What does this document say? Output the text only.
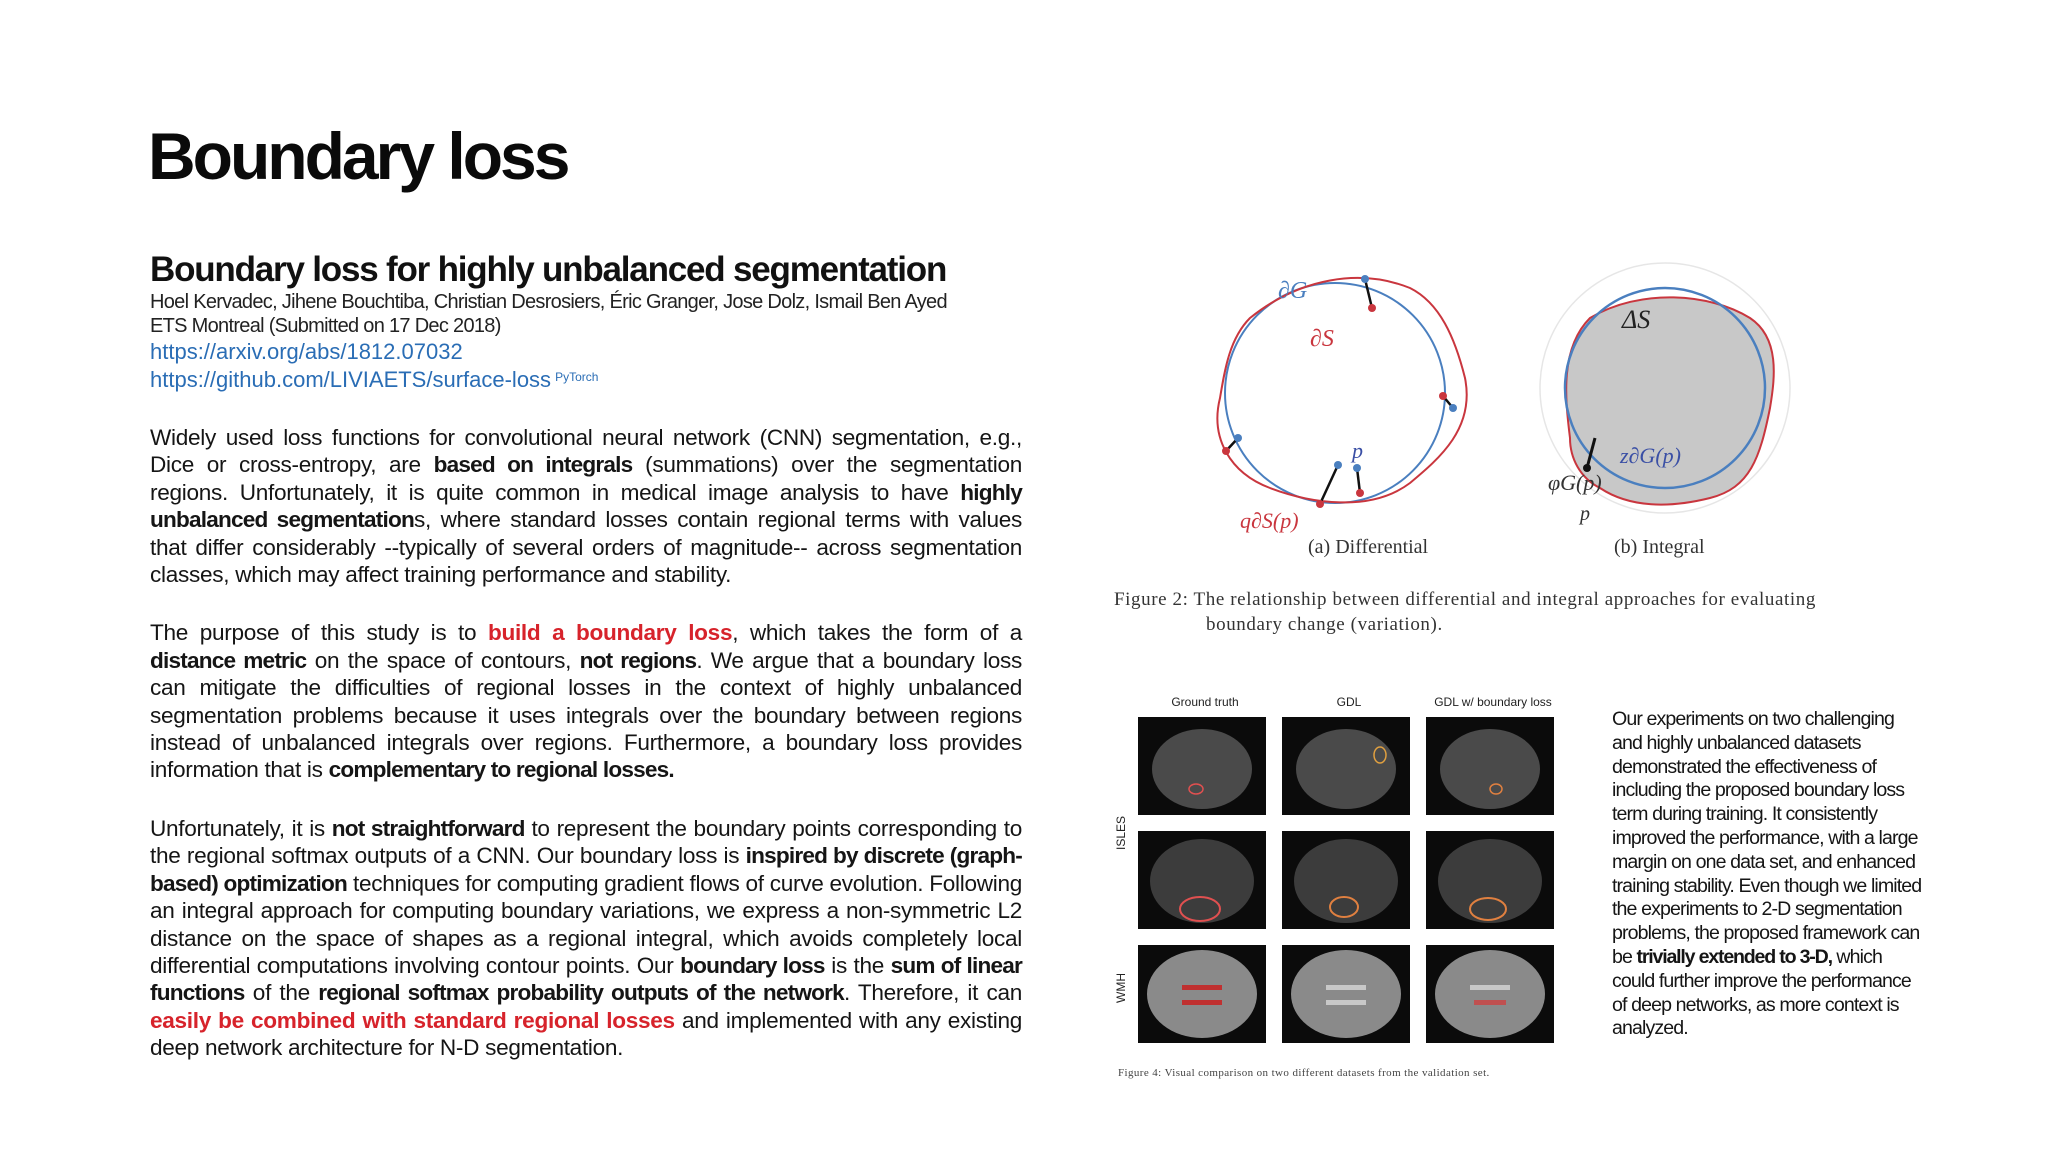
Boundary loss
Boundary loss for highly unbalanced segmentation
Hoel Kervadec, Jihene Bouchtiba, Christian Desrosiers, Éric Granger, Jose Dolz, Ismail Ben Ayed
ETS Montreal (Submitted on 17 Dec 2018)
https://arxiv.org/abs/1812.07032
https://github.com/LIVIAETS/surface-loss $^{PyTorch}$

Widely used loss functions for convolutional neural network (CNN) segmentation, e.g., Dice or cross-entropy, are based on integrals (summations) over the segmentation regions. Unfortunately, it is quite common in medical image analysis to have highly unbalanced segmentations, where standard losses contain regional terms with values that differ considerably --typically of several orders of magnitude-- across segmentation classes, which may affect training performance and stability.

The purpose of this study is to build a boundary loss, which takes the form of a distance metric on the space of contours, not regions. We argue that a boundary loss can mitigate the difficulties of regional losses in the context of highly unbalanced segmentation problems because it uses integrals over the boundary between regions instead of unbalanced integrals over regions. Furthermore, a boundary loss provides information that is complementary to regional losses.

Unfortunately, it is not straightforward to represent the boundary points corresponding to the regional softmax outputs of a CNN. Our boundary loss is inspired by discrete (graph-based) optimization techniques for computing gradient flows of curve evolution. Following an integral approach for computing boundary variations, we express a non-symmetric L2 distance on the space of shapes as a regional integral, which avoids completely local differential computations involving contour points. Our boundary loss is the sum of linear functions of the regional softmax probability outputs of the network. Therefore, it can easily be combined with standard regional losses and implemented with any existing deep network architecture for N-D segmentation.

∂G
∂S
p
q∂S(p)
ΔS
z∂G(p)
φG(p)
p
(a) Differential	(b) Integral
Figure 2: The relationship between differential and integral approaches for evaluating
boundary change (variation).
Ground truth	GDL	GDL w/ boundary loss
ISLES
WMH
Figure 4: Visual comparison on two different datasets from the validation set.
Our experiments on two challenging and highly unbalanced datasets demonstrated the effectiveness of including the proposed boundary loss term during training. It consistently improved the performance, with a large margin on one data set, and enhanced training stability. Even though we limited the experiments to 2-D segmentation problems, the proposed framework can be trivially extended to 3-D, which could further improve the performance of deep networks, as more context is analyzed.
